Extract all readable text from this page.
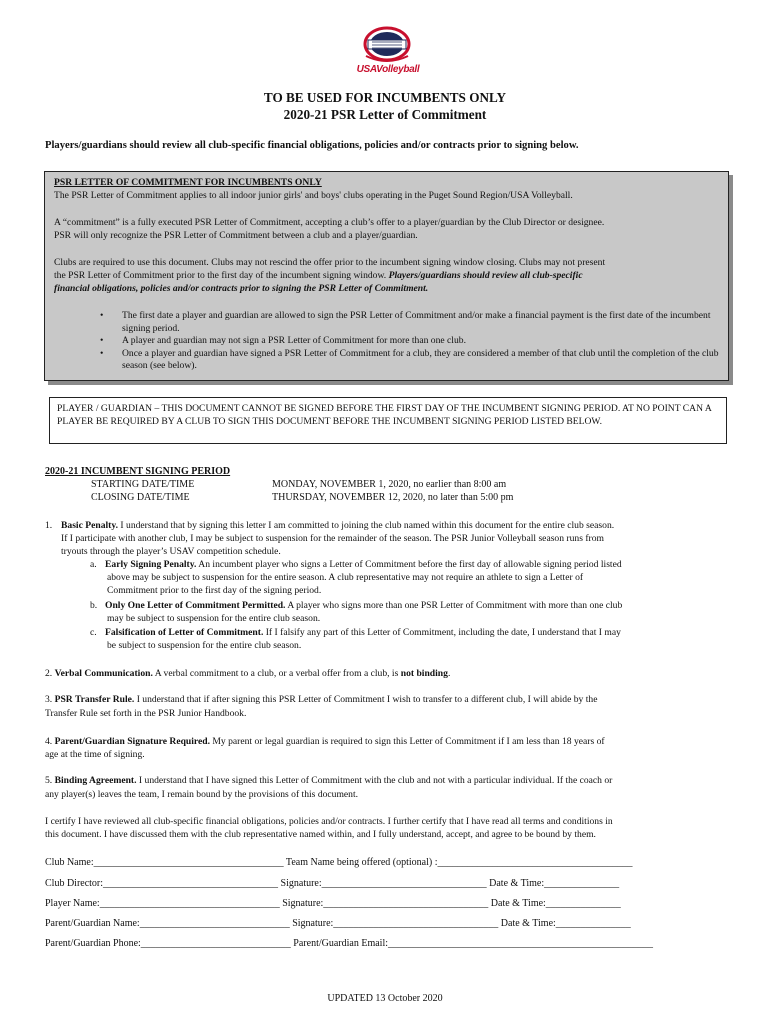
USAVolleyball
TO BE USED FOR INCUMBENTS ONLY
2020-21 PSR Letter of Commitment
Players/guardians should review all club-specific financial obligations, policies and/or contracts prior to signing below.
PSR LETTER OF COMMITMENT FOR INCUMBENTS ONLY
The PSR Letter of Commitment applies to all indoor junior girls' and boys' clubs operating in the Puget Sound Region/USA Volleyball.
A “commitment” is a fully executed PSR Letter of Commitment, accepting a club’s offer to a player/guardian by the Club Director or designee.
PSR will only recognize the PSR Letter of Commitment between a club and a player/guardian.
Clubs are required to use this document. Clubs may not rescind the offer prior to the incumbent signing window closing. Clubs may not present
the PSR Letter of Commitment prior to the first day of the incumbent signing window. Players/guardians should review all club-specific
financial obligations, policies and/or contracts prior to signing the PSR Letter of Commitment.
• The first date a player and guardian are allowed to sign the PSR Letter of Commitment and/or make a financial payment is the first date of the incumbent signing period.
• A player and guardian may not sign a PSR Letter of Commitment for more than one club.
• Once a player and guardian have signed a PSR Letter of Commitment for a club, they are considered a member of that club until the completion of the club season (see below).
PLAYER / GUARDIAN – THIS DOCUMENT CANNOT BE SIGNED BEFORE THE FIRST DAY OF THE INCUMBENT SIGNING PERIOD. AT NO POINT CAN A PLAYER BE REQUIRED BY A CLUB TO SIGN THIS DOCUMENT BEFORE THE INCUMBENT SIGNING PERIOD LISTED BELOW.
2020-21 INCUMBENT SIGNING PERIOD
STARTING DATE/TIME	MONDAY, NOVEMBER 1, 2020, no earlier than 8:00 am
CLOSING DATE/TIME	THURSDAY, NOVEMBER 12, 2020, no later than 5:00 pm
1. Basic Penalty. I understand that by signing this letter I am committed to joining the club named within this document for the entire club season.
If I participate with another club, I may be subject to suspension for the remainder of the season. The PSR Junior Volleyball season runs from
tryouts through the player’s USAV competition schedule.
a. Early Signing Penalty. An incumbent player who signs a Letter of Commitment before the first day of allowable signing period listed
above may be subject to suspension for the entire season. A club representative may not require an athlete to sign a Letter of
Commitment prior to the first day of the signing period.
b. Only One Letter of Commitment Permitted. A player who signs more than one PSR Letter of Commitment with more than one club
may be subject to suspension for the entire club season.
c. Falsification of Letter of Commitment. If I falsify any part of this Letter of Commitment, including the date, I understand that I may
be subject to suspension for the entire club season.
2. Verbal Communication. A verbal commitment to a club, or a verbal offer from a club, is not binding.
3. PSR Transfer Rule. I understand that if after signing this PSR Letter of Commitment I wish to transfer to a different club, I will abide by the
Transfer Rule set forth in the PSR Junior Handbook.
4. Parent/Guardian Signature Required. My parent or legal guardian is required to sign this Letter of Commitment if I am less than 18 years of
age at the time of signing.
5. Binding Agreement. I understand that I have signed this Letter of Commitment with the club and not with a particular individual. If the coach or
any player(s) leaves the team, I remain bound by the provisions of this document.
I certify I have reviewed all club-specific financial obligations, policies and/or contracts. I further certify that I have read all terms and conditions in
this document. I have discussed them with the club representative named within, and I fully understand, accept, and agree to be bound by them.
Club Name:______________________________________ Team Name being offered (optional) :_______________________________________
Club Director:___________________________________ Signature:_________________________________ Date & Time:_______________
Player Name:____________________________________ Signature:_________________________________ Date & Time:_______________
Parent/Guardian Name:______________________________ Signature:_________________________________ Date & Time:_______________
Parent/Guardian Phone:______________________________ Parent/Guardian Email:_____________________________________________________
UPDATED 13 October 2020
